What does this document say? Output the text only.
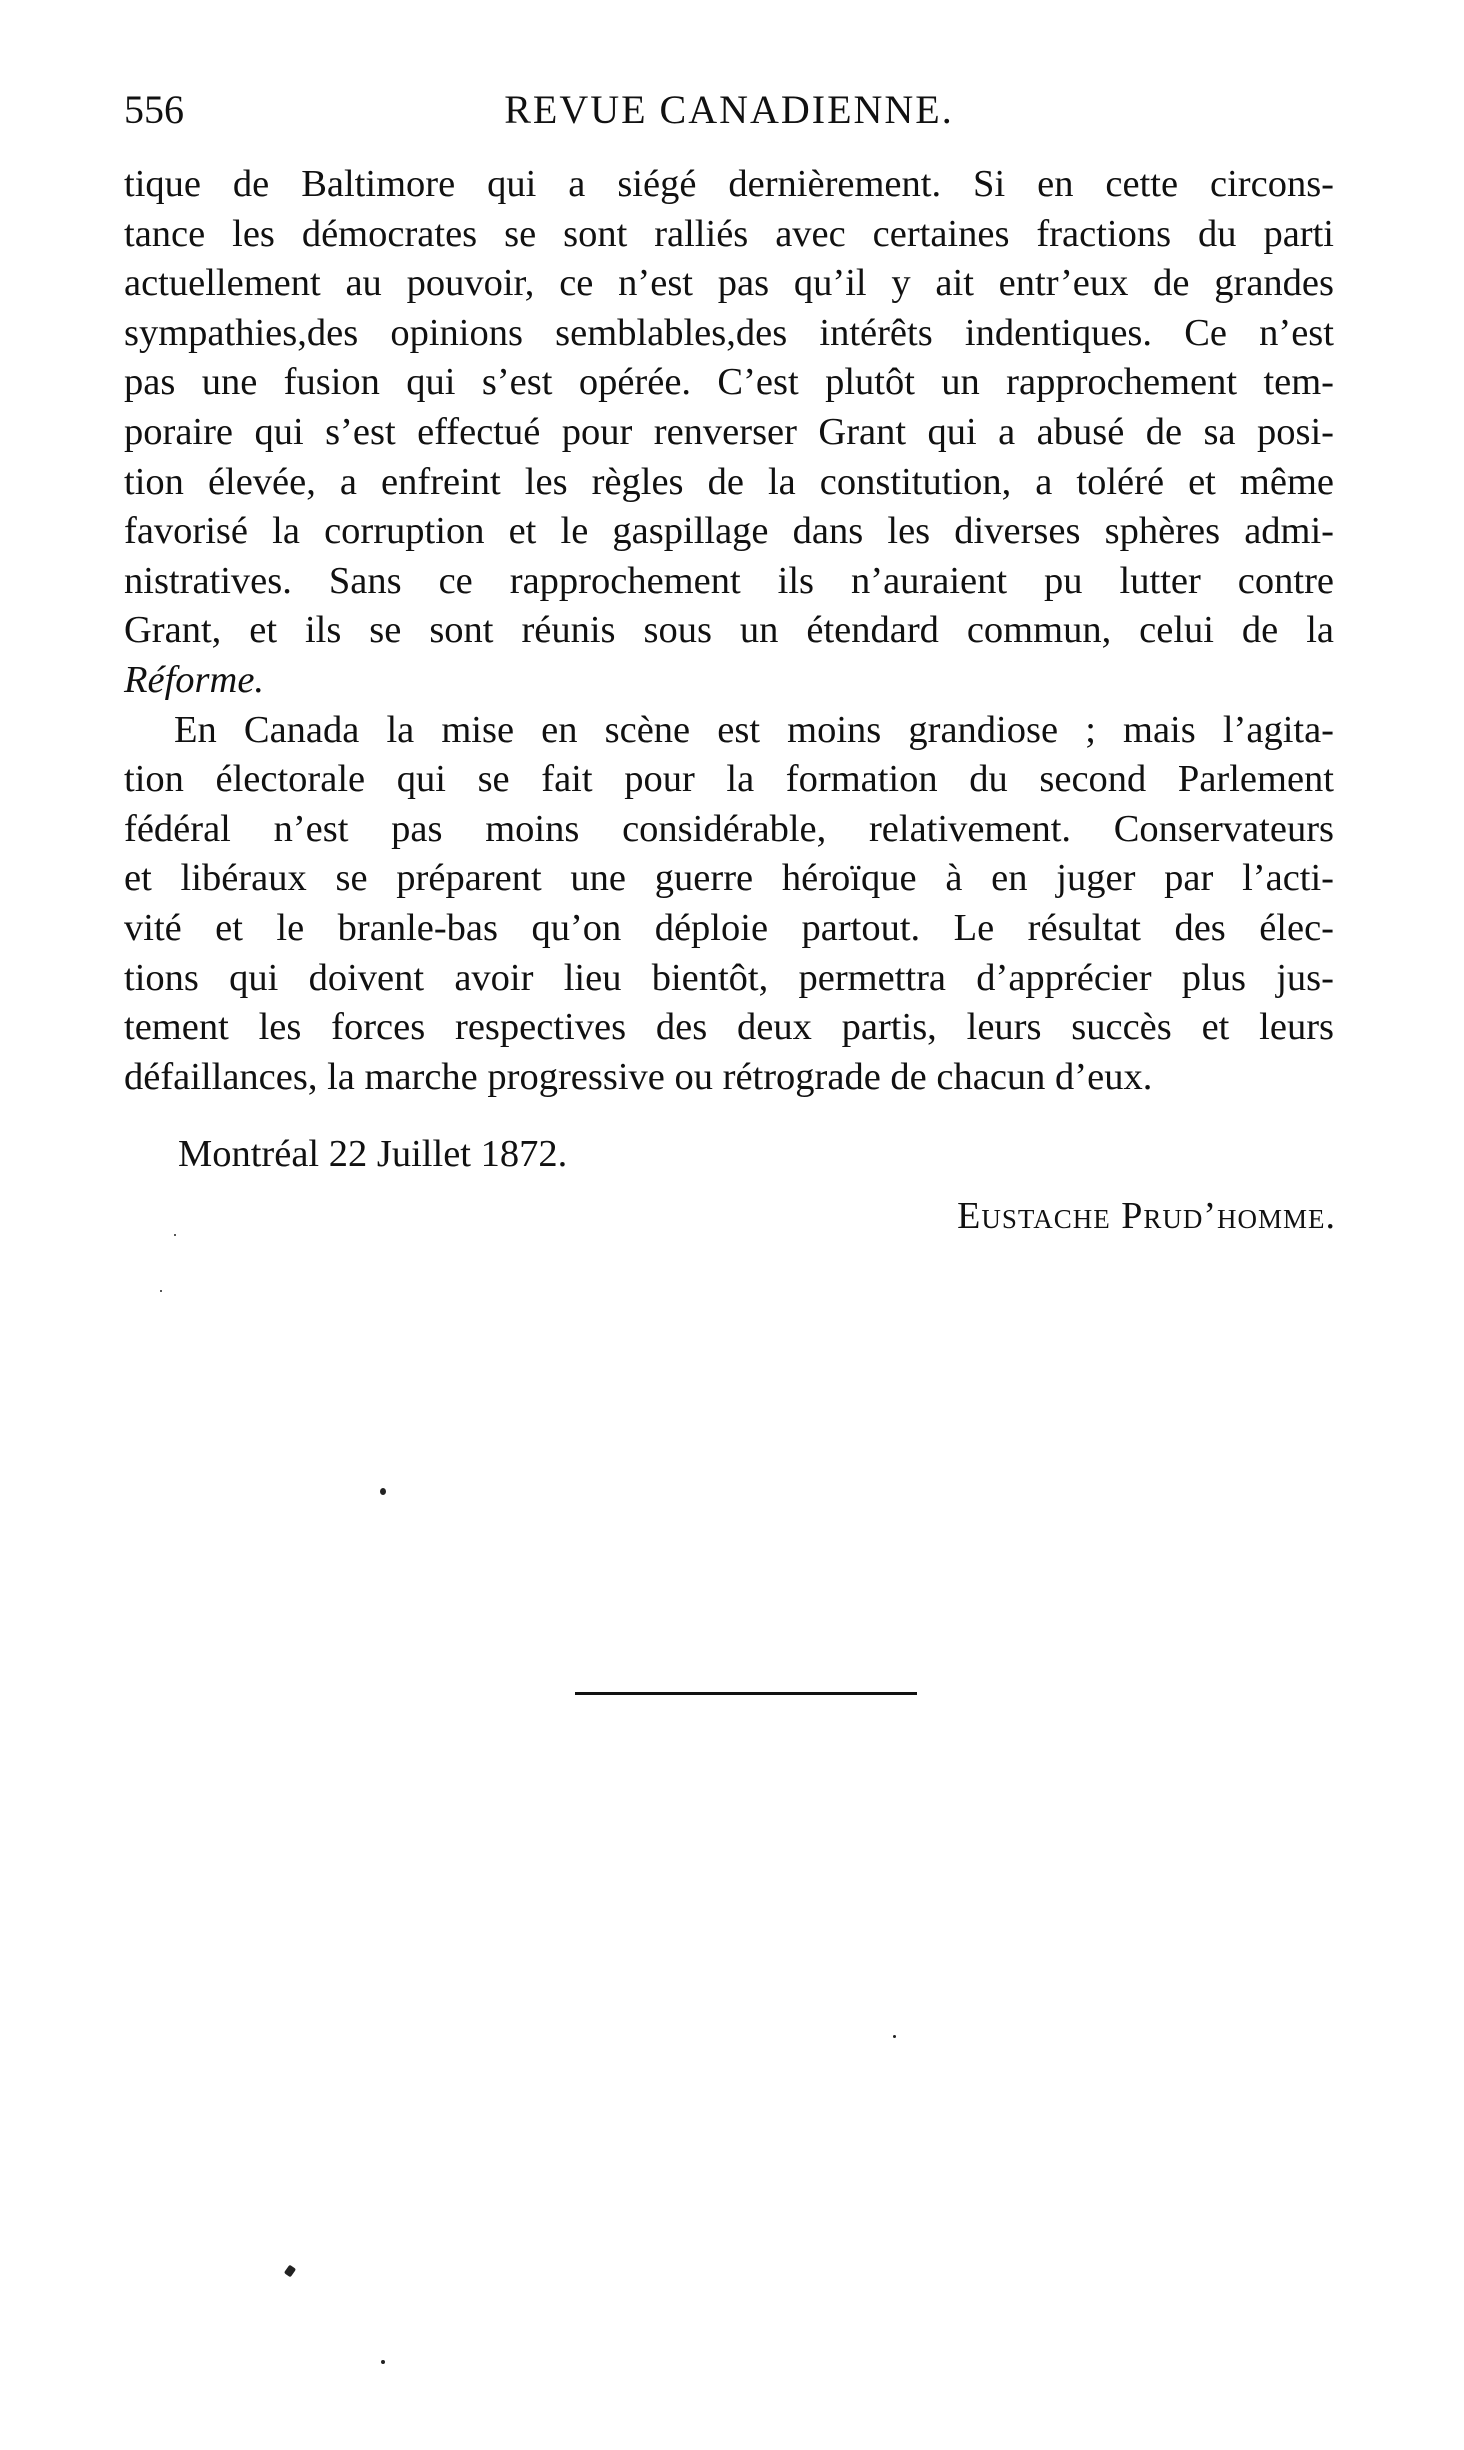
556	REVUE CANADIENNE.
tique de Baltimore qui a siégé dernièrement. Si en cette circons-
tance les démocrates se sont ralliés avec certaines fractions du parti
actuellement au pouvoir, ce n’est pas qu’il y ait entr’eux de grandes
sympathies,des opinions semblables,des intérêts indentiques. Ce n’est
pas une fusion qui s’est opérée. C’est plutôt un rapprochement tem-
poraire qui s’est effectué pour renverser Grant qui a abusé de sa posi-
tion élevée, a enfreint les règles de la constitution, a toléré et même
favorisé la corruption et le gaspillage dans les diverses sphères admi-
nistratives. Sans ce rapprochement ils n’auraient pu lutter contre
Grant, et ils se sont réunis sous un étendard commun, celui de la
Réforme.
En Canada la mise en scène est moins grandiose ; mais l’agita-
tion électorale qui se fait pour la formation du second Parlement
fédéral n’est pas moins considérable, relativement. Conservateurs
et libéraux se préparent une guerre héroïque à en juger par l’acti-
vité et le branle-bas qu’on déploie partout. Le résultat des élec-
tions qui doivent avoir lieu bientôt, permettra d’apprécier plus jus-
tement les forces respectives des deux partis, leurs succès et leurs
défaillances, la marche progressive ou rétrograde de chacun d’eux.
Montréal 22 Juillet 1872.
Eustache Prud’homme.
